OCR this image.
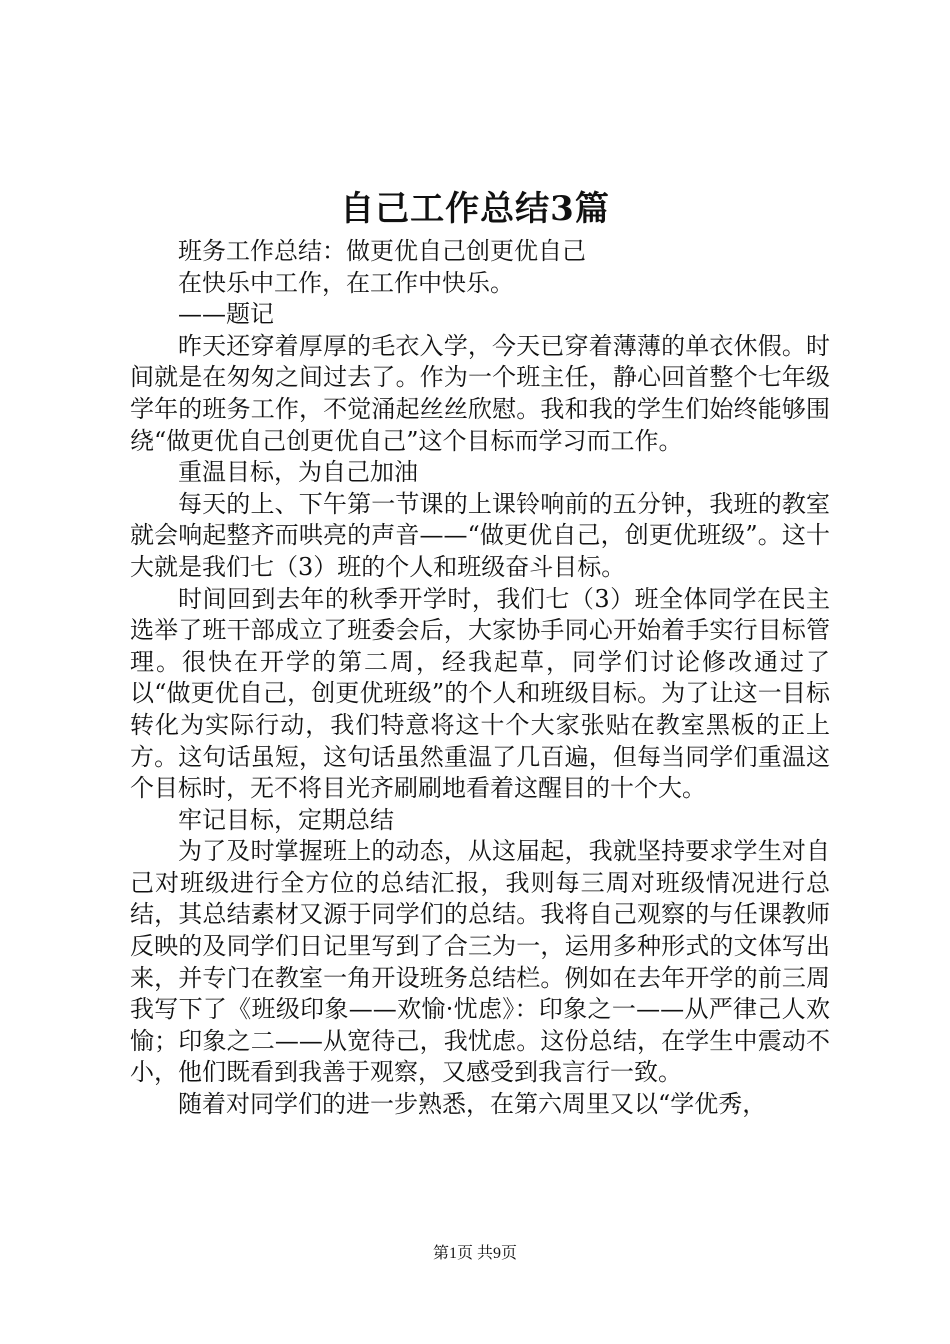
自己工作总结3篇

班务工作总结：做更优自己创更优自己

在快乐中工作，在工作中快乐。

——题记

昨天还穿着厚厚的毛衣入学，今天已穿着薄薄的单衣休假。时间就是在匆匆之间过去了。作为一个班主任，静心回首整个七年级学年的班务工作，不觉涌起丝丝欣慰。我和我的学生们始终能够围绕“做更优自己创更优自己”这个目标而学习而工作。

重温目标，为自己加油

每天的上、下午第一节课的上课铃响前的五分钟，我班的教室就会响起整齐而哄亮的声音——“做更优自己，创更优班级”。这十大就是我们七（3）班的个人和班级奋斗目标。

时间回到去年的秋季开学时，我们七（3）班全体同学在民主选举了班干部成立了班委会后，大家协手同心开始着手实行目标管理。很快在开学的第二周，经我起草，同学们讨论修改通过了以“做更优自己，创更优班级”的个人和班级目标。为了让这一目标转化为实际行动，我们特意将这十个大家张贴在教室黑板的正上方。这句话虽短，这句话虽然重温了几百遍，但每当同学们重温这个目标时，无不将目光齐刷刷地看着这醒目的十个大。

牢记目标，定期总结

为了及时掌握班上的动态，从这届起，我就坚持要求学生对自己对班级进行全方位的总结汇报，我则每三周对班级情况进行总结，其总结素材又源于同学们的总结。我将自己观察的与任课教师反映的及同学们日记里写到了合三为一，运用多种形式的文体写出来，并专门在教室一角开设班务总结栏。例如在去年开学的前三周我写下了《班级印象——欢愉·忧虑》：印象之一——从严律己人欢愉；印象之二——从宽待己，我忧虑。这份总结，在学生中震动不小，他们既看到我善于观察，又感受到我言行一致。

随着对同学们的进一步熟悉，在第六周里又以“学优秀，

第1页 共9页
